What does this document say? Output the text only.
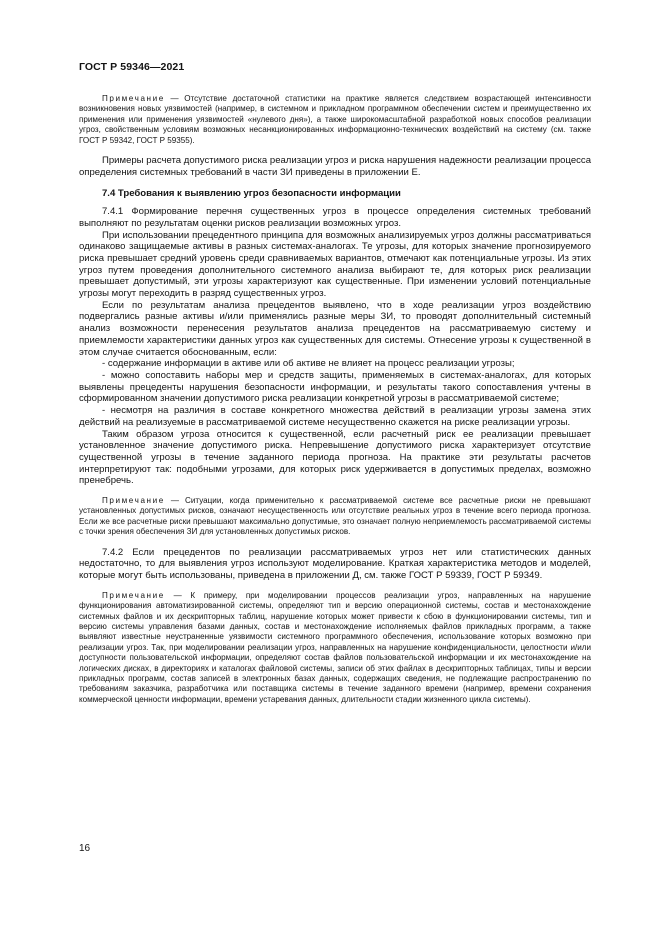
ГОСТ Р 59346—2021

Примечание — Отсутствие достаточной статистики на практике является следствием возрастающей интенсивности возникновения новых уязвимостей (например, в системном и прикладном программном обеспечении систем и преимущественно их применения или применения уязвимостей «нулевого дня»), а также широкомасштабной разработкой новых способов реализации угроз, свойственным условиям возможных несанкционированных информационно-технических воздействий на систему (см. также ГОСТ Р 59342, ГОСТ Р 59355).

Примеры расчета допустимого риска реализации угроз и риска нарушения надежности реализации процесса определения системных требований в части ЗИ приведены в приложении Е.

7.4 Требования к выявлению угроз безопасности информации

7.4.1 Формирование перечня существенных угроз в процессе определения системных требований выполняют по результатам оценки рисков реализации возможных угроз.

При использовании прецедентного принципа для возможных анализируемых угроз должны рассматриваться одинаково защищаемые активы в разных системах-аналогах. Те угрозы, для которых значение прогнозируемого риска превышает средний уровень среди сравниваемых вариантов, отмечают как потенциальные угрозы. Из этих угроз путем проведения дополнительного системного анализа выбирают те, для которых риск реализации превышает допустимый, эти угрозы характеризуют как существенные. При изменении условий потенциальные угрозы могут переходить в разряд существенных угроз.

Если по результатам анализа прецедентов выявлено, что в ходе реализации угроз воздействию подвергались разные активы и/или применялись разные меры ЗИ, то проводят дополнительный системный анализ возможности перенесения результатов анализа прецедентов на рассматриваемую систему и приемлемости характеристики данных угроз как существенных для системы. Отнесение угрозы к существенной в этом случае считается обоснованным, если:

- содержание информации в активе или об активе не влияет на процесс реализации угрозы;

- можно сопоставить наборы мер и средств защиты, применяемых в системах-аналогах, для которых выявлены прецеденты нарушения безопасности информации, и результаты такого сопоставления учтены в сформированном значении допустимого риска реализации конкретной угрозы в рассматриваемой системе;

- несмотря на различия в составе конкретного множества действий в реализации угрозы замена этих действий на реализуемые в рассматриваемой системе несущественно скажется на риске реализации угрозы.

Таким образом угроза относится к существенной, если расчетный риск ее реализации превышает установленное значение допустимого риска. Непревышение допустимого риска характеризует отсутствие существенной угрозы в течение заданного периода прогноза. На практике эти результаты расчетов интерпретируют так: подобными угрозами, для которых риск удерживается в допустимых пределах, возможно пренебречь.

Примечание — Ситуации, когда применительно к рассматриваемой системе все расчетные риски не превышают установленных допустимых рисков, означают несущественность или отсутствие реальных угроз в течение всего периода прогноза. Если же все расчетные риски превышают максимально допустимые, это означает полную неприемлемость рассматриваемой системы с точки зрения обеспечения ЗИ для установленных допустимых рисков.

7.4.2 Если прецедентов по реализации рассматриваемых угроз нет или статистических данных недостаточно, то для выявления угроз используют моделирование. Краткая характеристика методов и моделей, которые могут быть использованы, приведена в приложении Д, см. также ГОСТ Р 59339, ГОСТ Р 59349.

Примечание — К примеру, при моделировании процессов реализации угроз, направленных на нарушение функционирования автоматизированной системы, определяют тип и версию операционной системы, состав и местонахождение системных файлов и их дескрипторных таблиц, нарушение которых может привести к сбою в функционировании системы, тип и версию системы управления базами данных, состав и местонахождение исполняемых файлов прикладных программ, а также выявляют известные неустраненные уязвимости системного программного обеспечения, использование которых возможно при реализации угроз. Так, при моделировании реализации угроз, направленных на нарушение конфиденциальности, целостности и/или доступности пользовательской информации, определяют состав файлов пользовательской информации и их местонахождение на логических дисках, в директориях и каталогах файловой системы, записи об этих файлах в дескрипторных таблицах, типы и версии прикладных программ, состав записей в электронных базах данных, содержащих сведения, не подлежащие распространению по требованиям заказчика, разработчика или поставщика системы в течение заданного времени (например, времени сохранения коммерческой ценности информации, времени устаревания данных, длительности стадии жизненного цикла системы).

16
